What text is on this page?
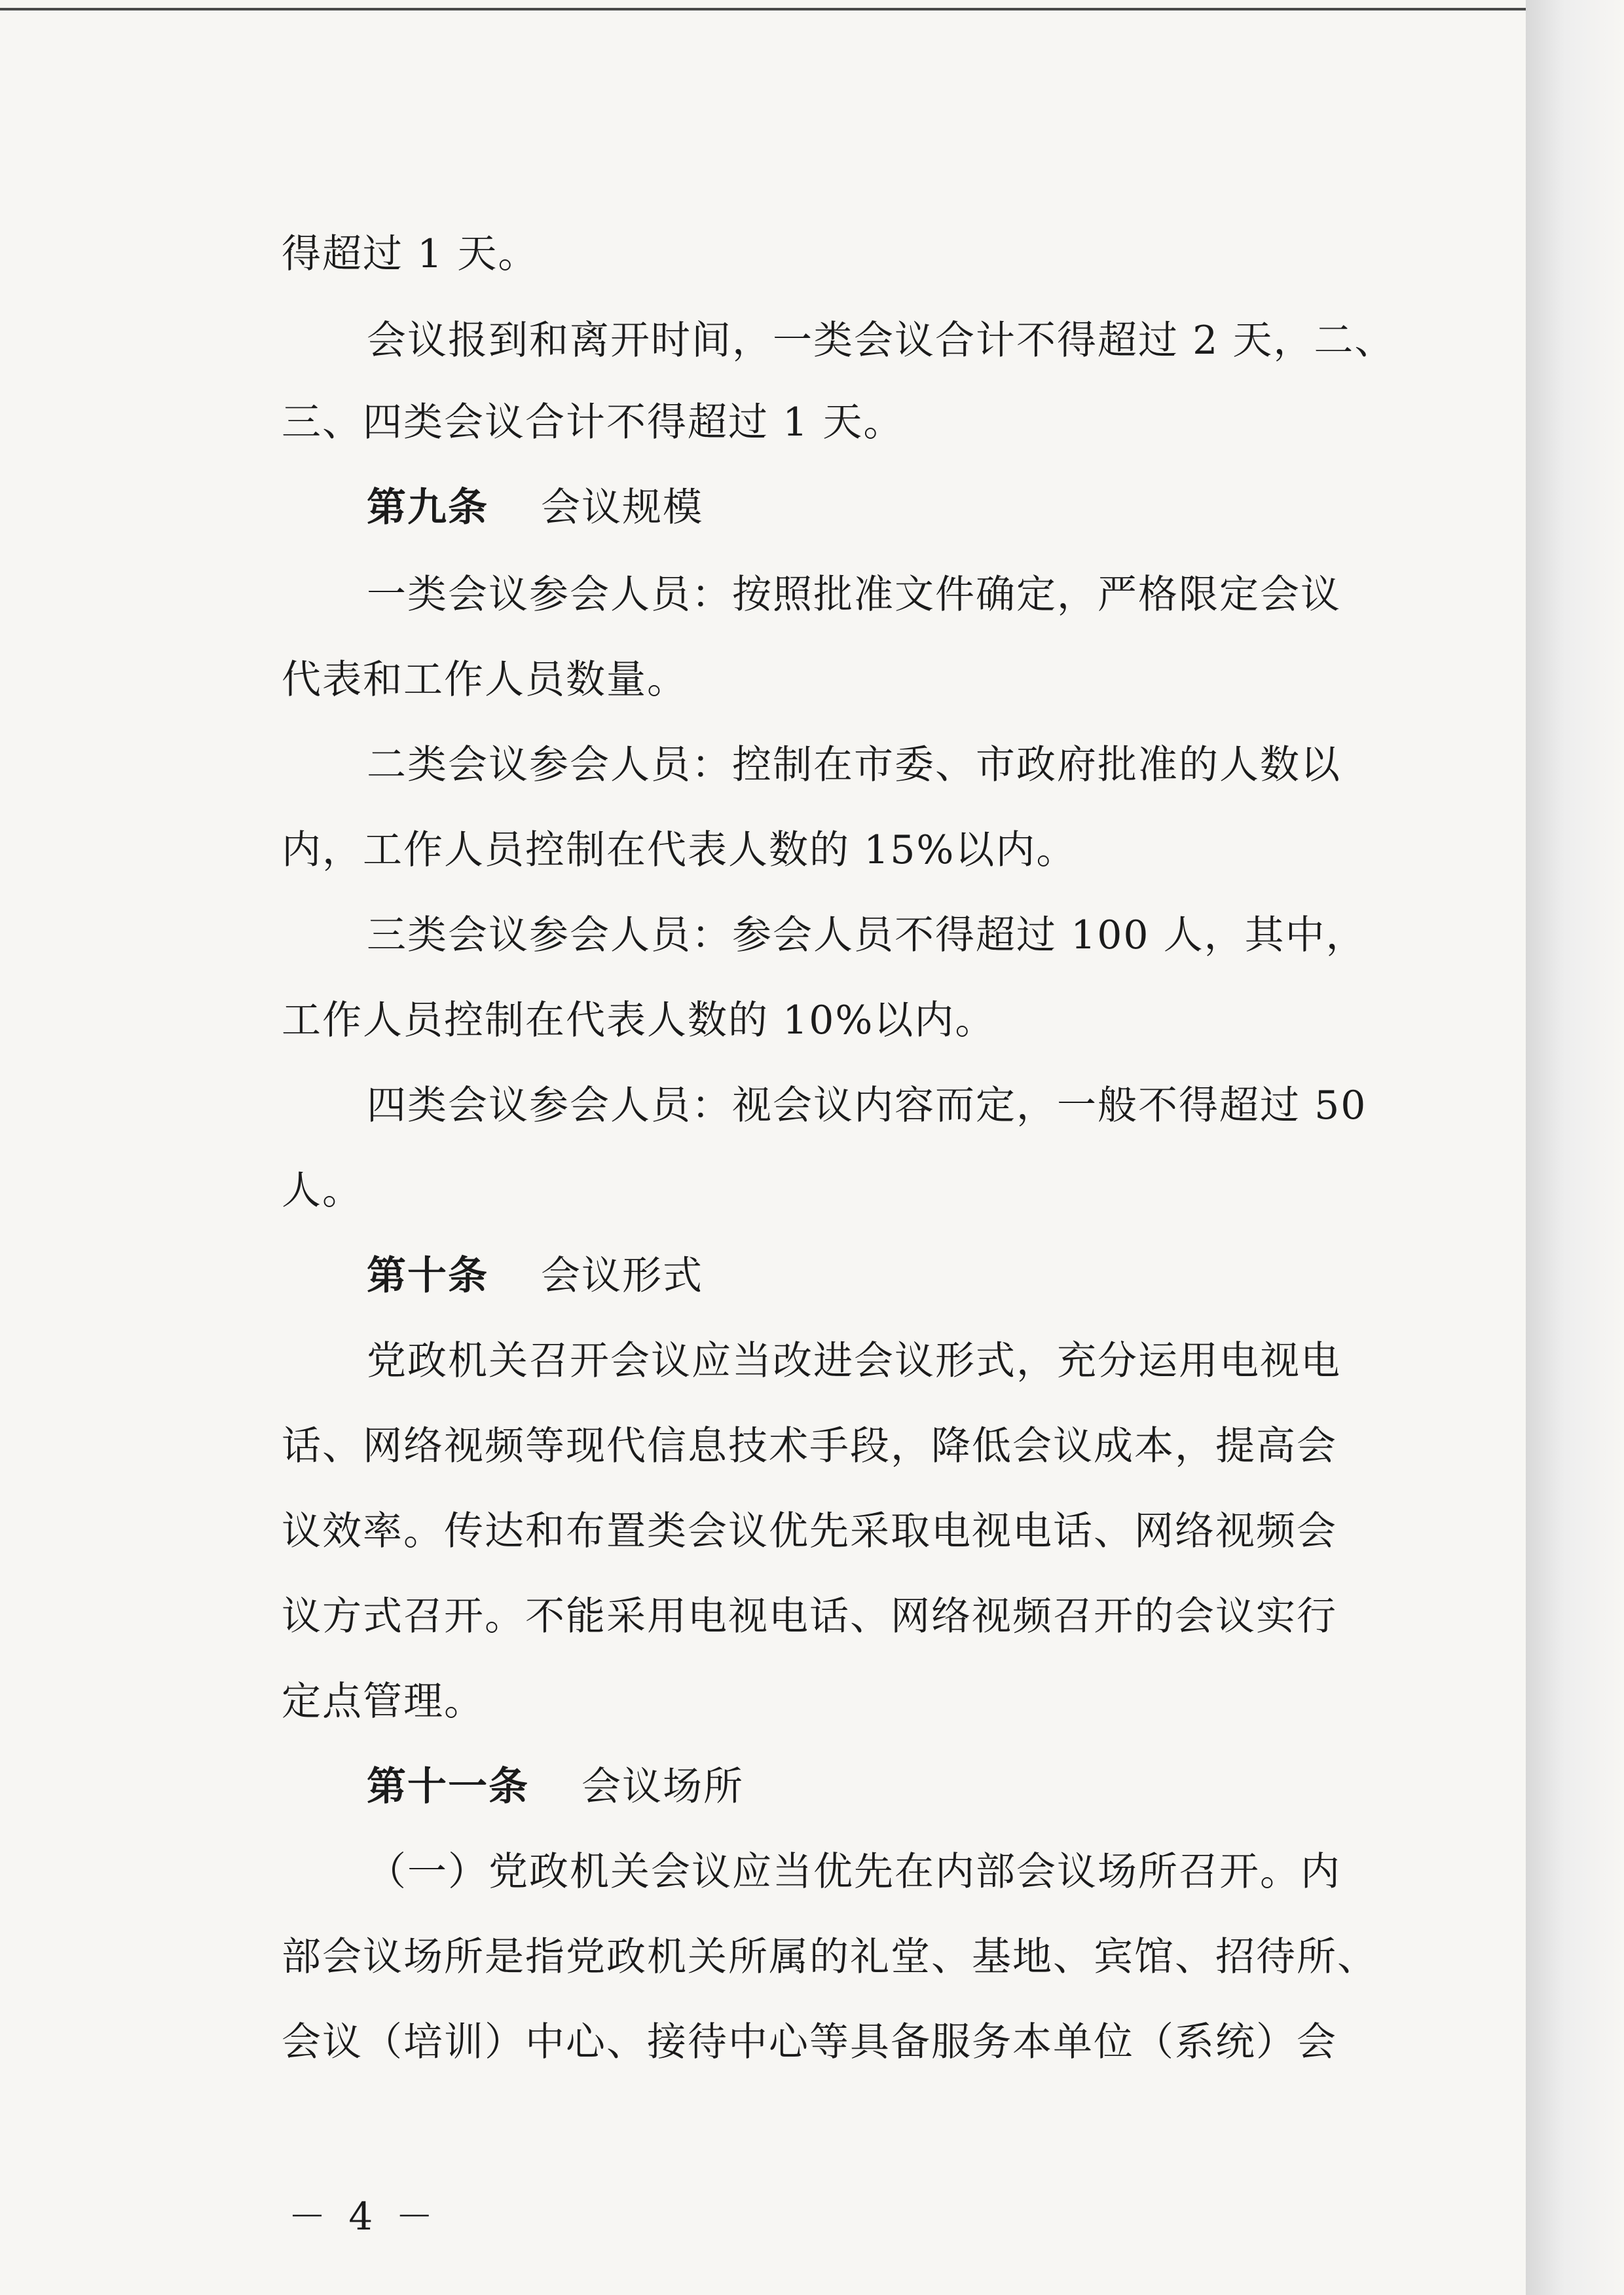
得超过 1 天。
会议报到和离开时间，一类会议合计不得超过 2 天，二、
三、四类会议合计不得超过 1 天。
第九条 会议规模
一类会议参会人员：按照批准文件确定，严格限定会议
代表和工作人员数量。
二类会议参会人员：控制在市委、市政府批准的人数以
内，工作人员控制在代表人数的 15%以内。
三类会议参会人员：参会人员不得超过 100 人，其中，
工作人员控制在代表人数的 10%以内。
四类会议参会人员：视会议内容而定，一般不得超过 50
人。
第十条 会议形式
党政机关召开会议应当改进会议形式，充分运用电视电
话、网络视频等现代信息技术手段，降低会议成本，提高会
议效率。传达和布置类会议优先采取电视电话、网络视频会
议方式召开。不能采用电视电话、网络视频召开的会议实行
定点管理。
第十一条 会议场所
（一）党政机关会议应当优先在内部会议场所召开。内
部会议场所是指党政机关所属的礼堂、基地、宾馆、招待所、
会议（培训）中心、接待中心等具备服务本单位（系统）会
－ 4 －
